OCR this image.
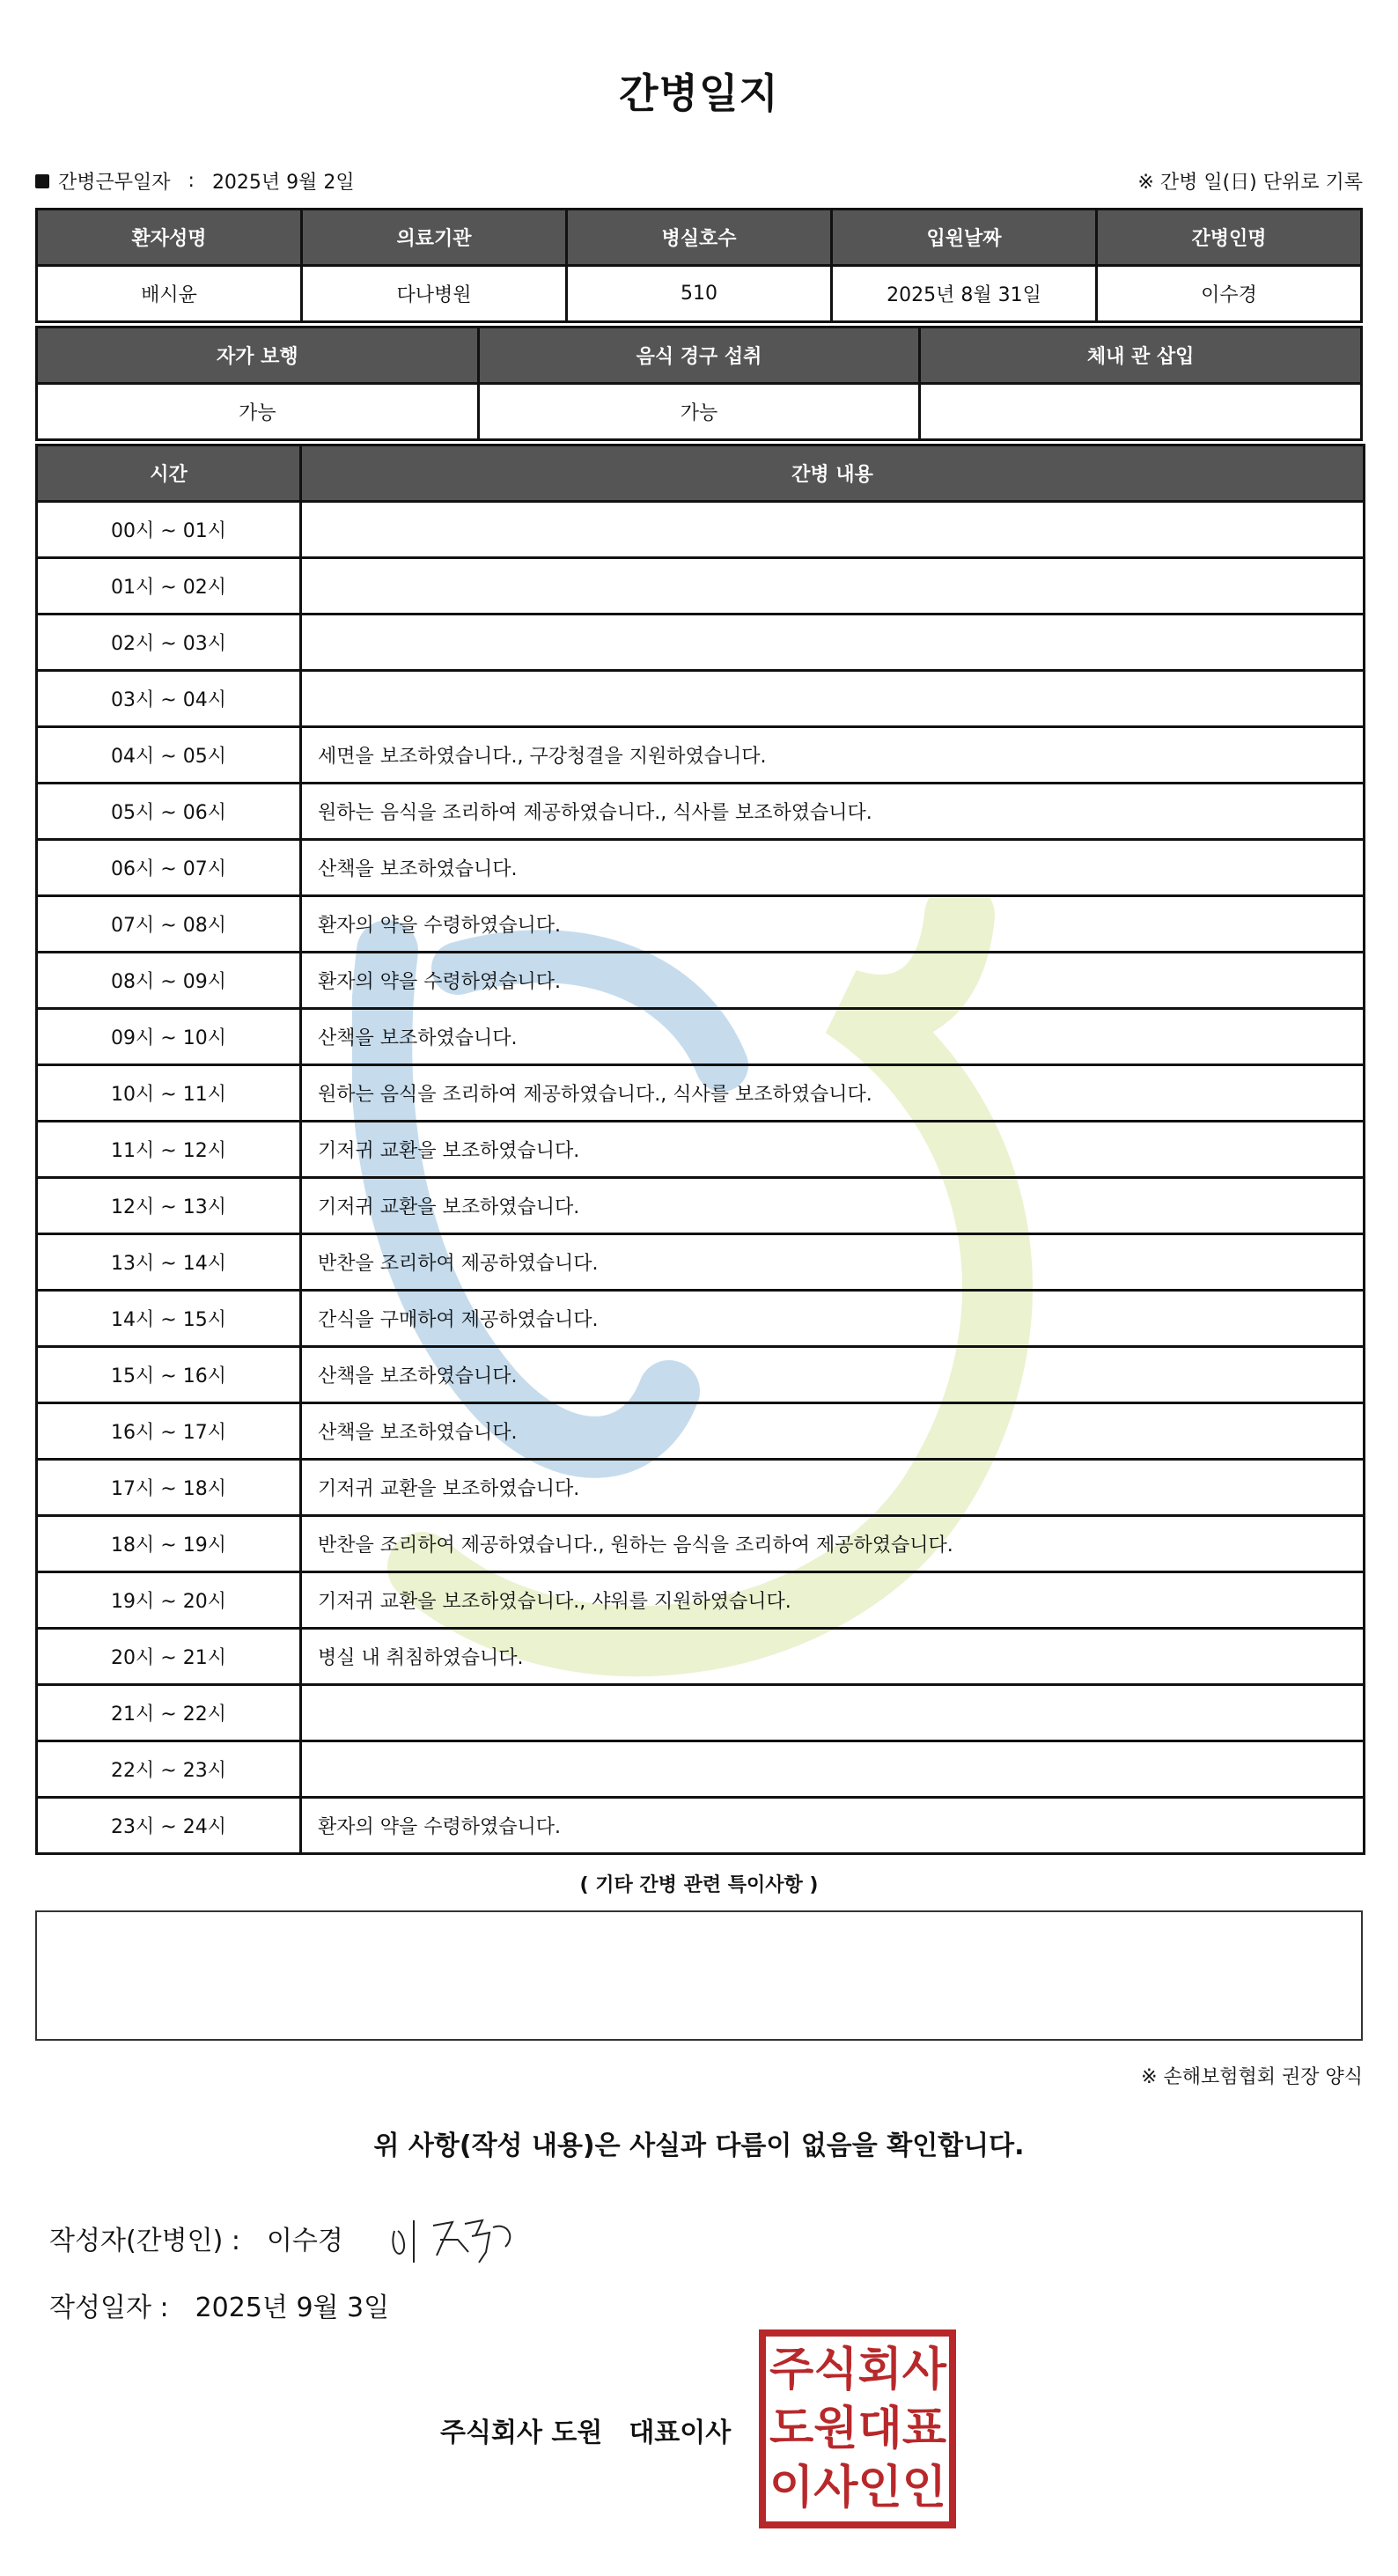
간병일지
간병근무일자 : 2025년 9월 2일	※ 간병 일(日) 단위로 기록
환자성명	의료기관	병실호수	입원날짜	간병인명
배시윤	다나병원	510	2025년 8월 31일	이수경
자가 보행	음식 경구 섭취	체내 관 삽입
가능	가능	
시간	간병 내용
00시 ~ 01시	
01시 ~ 02시	
02시 ~ 03시	
03시 ~ 04시	
04시 ~ 05시	세면을 보조하였습니다., 구강청결을 지원하였습니다.
05시 ~ 06시	원하는 음식을 조리하여 제공하였습니다., 식사를 보조하였습니다.
06시 ~ 07시	산책을 보조하였습니다.
07시 ~ 08시	환자의 약을 수령하였습니다.
08시 ~ 09시	환자의 약을 수령하였습니다.
09시 ~ 10시	산책을 보조하였습니다.
10시 ~ 11시	원하는 음식을 조리하여 제공하였습니다., 식사를 보조하였습니다.
11시 ~ 12시	기저귀 교환을 보조하였습니다.
12시 ~ 13시	기저귀 교환을 보조하였습니다.
13시 ~ 14시	반찬을 조리하여 제공하였습니다.
14시 ~ 15시	간식을 구매하여 제공하였습니다.
15시 ~ 16시	산책을 보조하였습니다.
16시 ~ 17시	산책을 보조하였습니다.
17시 ~ 18시	기저귀 교환을 보조하였습니다.
18시 ~ 19시	반찬을 조리하여 제공하였습니다., 원하는 음식을 조리하여 제공하였습니다.
19시 ~ 20시	기저귀 교환을 보조하였습니다., 샤워를 지원하였습니다.
20시 ~ 21시	병실 내 취침하였습니다.
21시 ~ 22시	
22시 ~ 23시	
23시 ~ 24시	환자의 약을 수령하였습니다.
( 기타 간병 관련 특이사항 )
※ 손해보험협회 권장 양식
위 사항(작성 내용)은 사실과 다름이 없음을 확인합니다.
작성자(간병인) : 이수경
작성일자 : 2025년 9월 3일
주식회사 도원 대표이사
주 식 회 사
도 원 대 표
이 사 인 인
